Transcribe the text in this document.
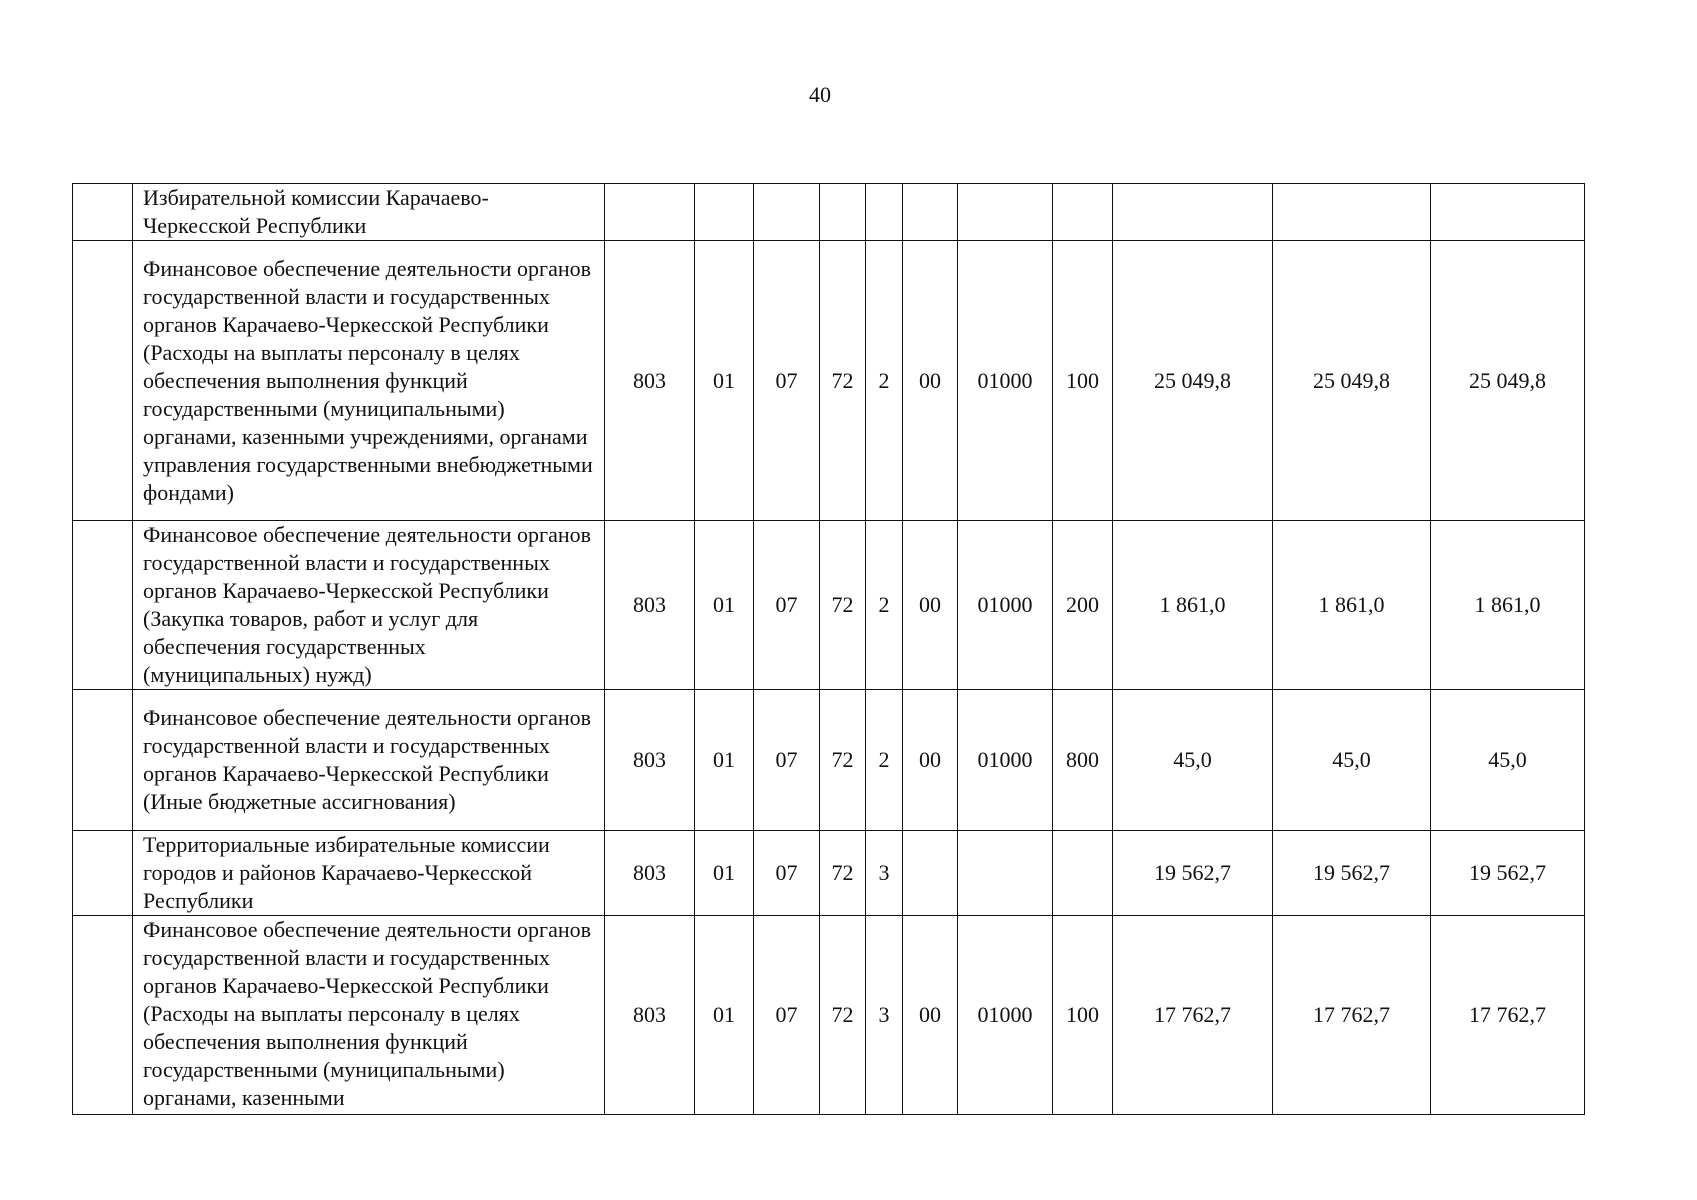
40
	Избирательной комиссии Карачаево-Черкесской Республики											
	Финансовое обеспечение деятельности органов государственной власти и государственных органов Карачаево-Черкесской Республики (Расходы на выплаты персоналу в целях обеспечения выполнения функций государственными (муниципальными) органами, казенными учреждениями, органами управления государственными внебюджетными фондами)	803	01	07	72	2	00	01000	100	25 049,8	25 049,8	25 049,8
	Финансовое обеспечение деятельности органов государственной власти и государственных органов Карачаево-Черкесской Республики (Закупка товаров, работ и услуг для обеспечения государственных (муниципальных) нужд)	803	01	07	72	2	00	01000	200	1 861,0	1 861,0	1 861,0
	Финансовое обеспечение деятельности органов государственной власти и государственных органов Карачаево-Черкесской Республики (Иные бюджетные ассигнования)	803	01	07	72	2	00	01000	800	45,0	45,0	45,0
	Территориальные избирательные комиссии городов и районов Карачаево-Черкесской Республики	803	01	07	72	3				19 562,7	19 562,7	19 562,7
	Финансовое обеспечение деятельности органов государственной власти и государственных органов Карачаево-Черкесской Республики (Расходы на выплаты персоналу в целях обеспечения выполнения функций государственными (муниципальными) органами, казенными	803	01	07	72	3	00	01000	100	17 762,7	17 762,7	17 762,7
